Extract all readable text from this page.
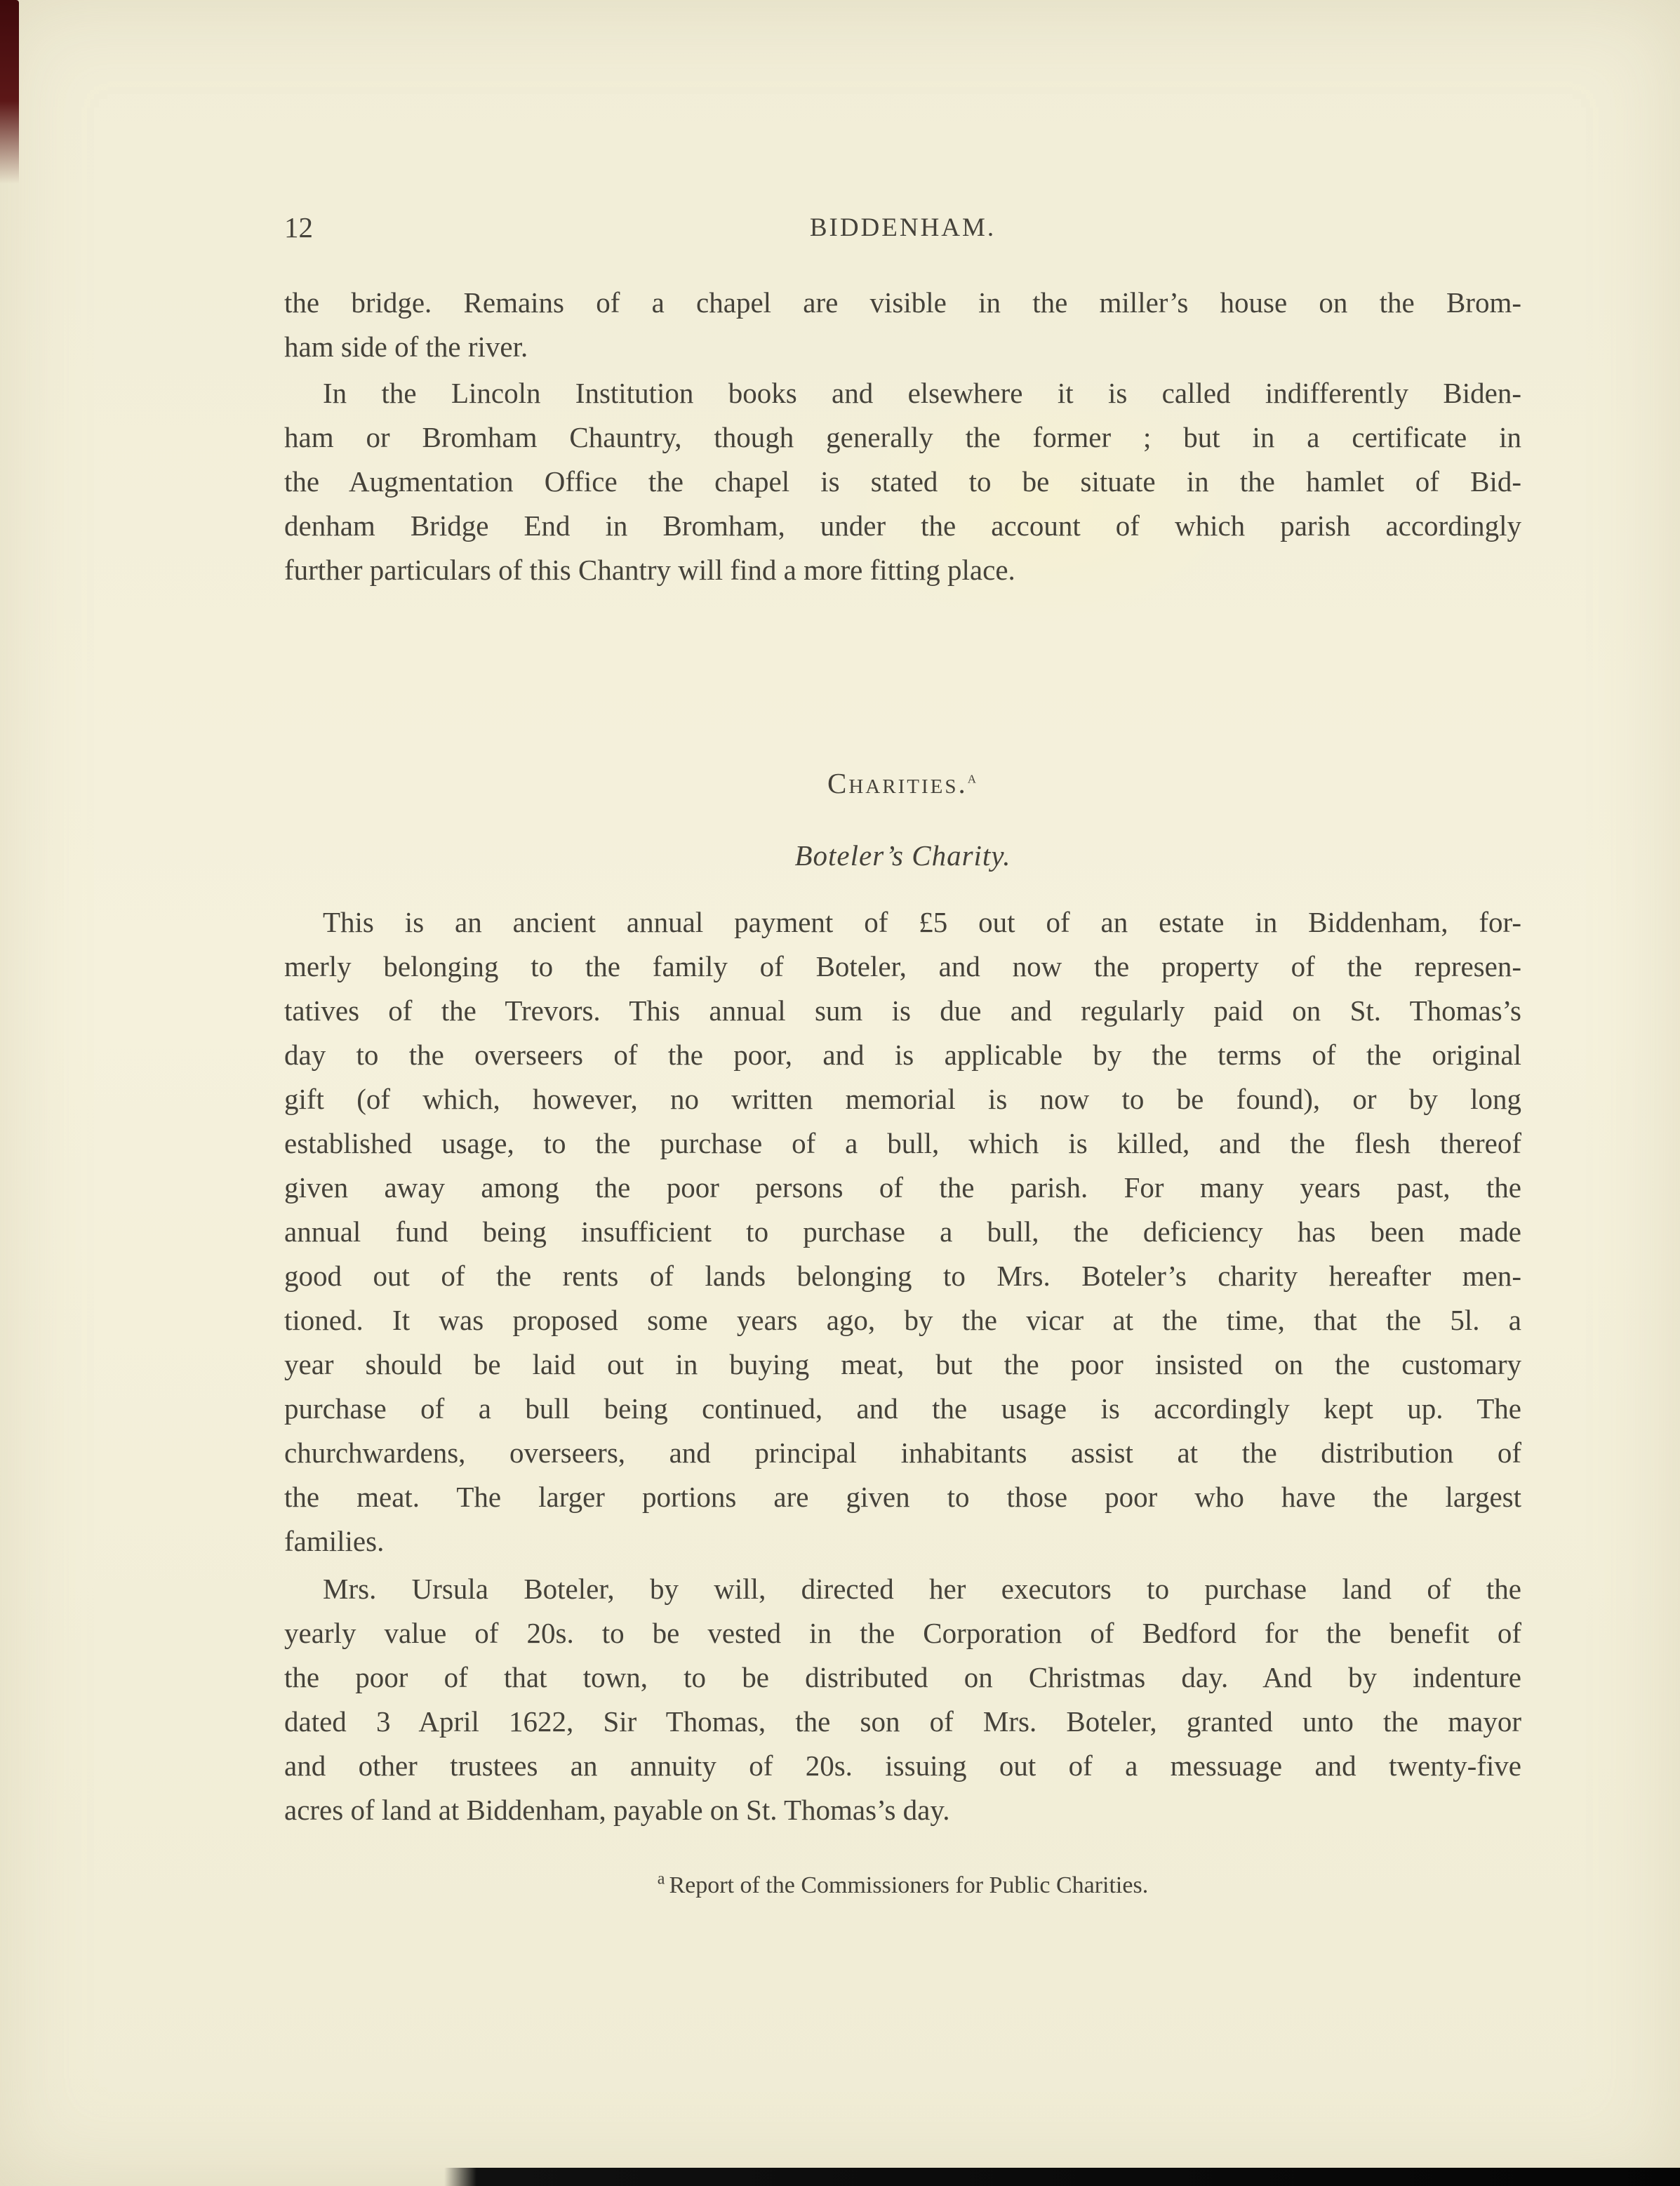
12	BIDDENHAM.
the bridge. Remains of a chapel are visible in the miller’s house on the Brom-
ham side of the river.
In the Lincoln Institution books and elsewhere it is called indifferently Biden-
ham or Bromham Chauntry, though generally the former ; but in a certificate in
the Augmentation Office the chapel is stated to be situate in the hamlet of Bid-
denham Bridge End in Bromham, under the account of which parish accordingly
further particulars of this Chantry will find a more fitting place.
Charities.$^a$
Boteler’s Charity.
This is an ancient annual payment of £5 out of an estate in Biddenham, for-
merly belonging to the family of Boteler, and now the property of the represen-
tatives of the Trevors. This annual sum is due and regularly paid on St. Thomas’s
day to the overseers of the poor, and is applicable by the terms of the original
gift (of which, however, no written memorial is now to be found), or by long
established usage, to the purchase of a bull, which is killed, and the flesh thereof
given away among the poor persons of the parish. For many years past, the
annual fund being insufficient to purchase a bull, the deficiency has been made
good out of the rents of lands belonging to Mrs. Boteler’s charity hereafter men-
tioned. It was proposed some years ago, by the vicar at the time, that the 5l. a
year should be laid out in buying meat, but the poor insisted on the customary
purchase of a bull being continued, and the usage is accordingly kept up. The
churchwardens, overseers, and principal inhabitants assist at the distribution of
the meat. The larger portions are given to those poor who have the largest
families.
Mrs. Ursula Boteler, by will, directed her executors to purchase land of the
yearly value of 20s. to be vested in the Corporation of Bedford for the benefit of
the poor of that town, to be distributed on Christmas day. And by indenture
dated 3 April 1622, Sir Thomas, the son of Mrs. Boteler, granted unto the mayor
and other trustees an annuity of 20s. issuing out of a messuage and twenty-five
acres of land at Biddenham, payable on St. Thomas’s day.
$^a$ Report of the Commissioners for Public Charities.
